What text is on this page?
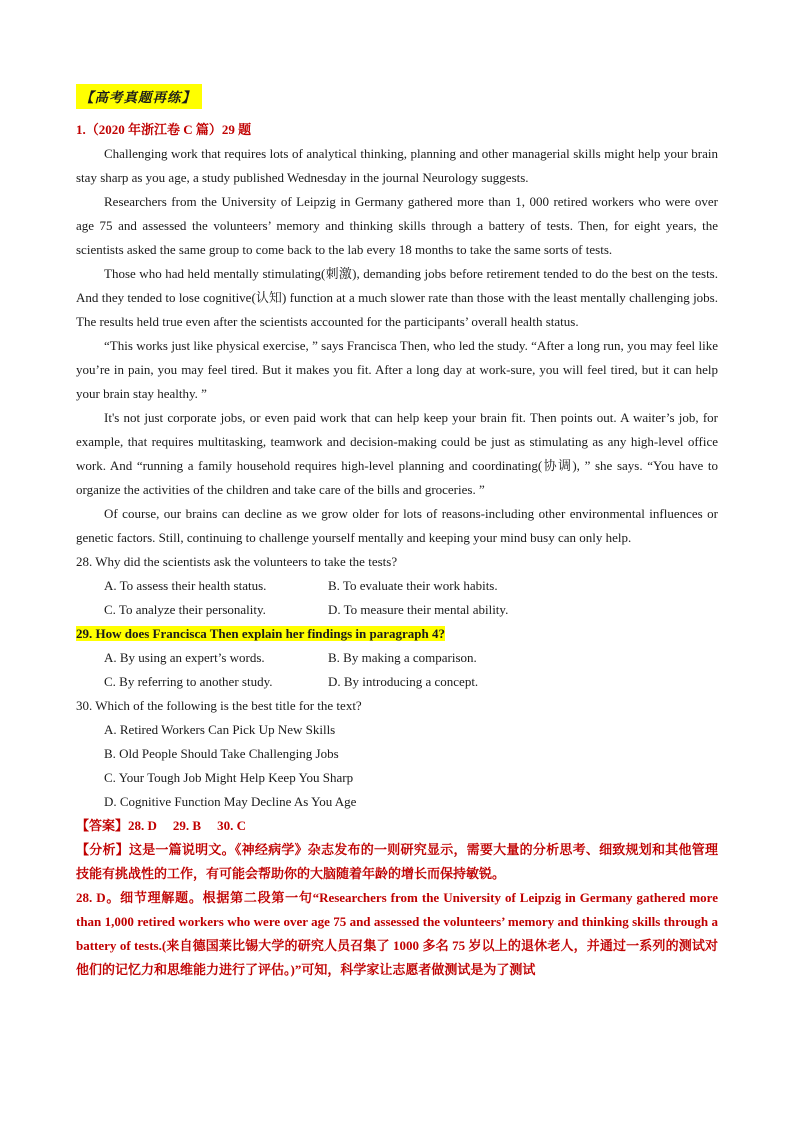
【高考真题再练】
1.（2020 年浙江卷 C 篇）29 题

Challenging work that requires lots of analytical thinking, planning and other managerial skills might help your brain stay sharp as you age, a study published Wednesday in the journal Neurology suggests.

Researchers from the University of Leipzig in Germany gathered more than 1, 000 retired workers who were over age 75 and assessed the volunteers’ memory and thinking skills through a battery of tests. Then, for eight years, the scientists asked the same group to come back to the lab every 18 months to take the same sorts of tests.

Those who had held mentally stimulating(刺激), demanding jobs before retirement tended to do the best on the tests. And they tended to lose cognitive(认知) function at a much slower rate than those with the least mentally challenging jobs. The results held true even after the scientists accounted for the participants’ overall health status.

“This works just like physical exercise, ” says Francisca Then, who led the study. “After a long run, you may feel like you’re in pain, you may feel tired. But it makes you fit. After a long day at work-sure, you will feel tired, but it can help your brain stay healthy. ”

It's not just corporate jobs, or even paid work that can help keep your brain fit. Then points out. A waiter’s job, for example, that requires multitasking, teamwork and decision-making could be just as stimulating as any high-level office work. And “running a family household requires high-level planning and coordinating(协调), ” she says. “You have to organize the activities of the children and take care of the bills and groceries. ”

Of course, our brains can decline as we grow older for lots of reasons-including other environmental influences or genetic factors. Still, continuing to challenge yourself mentally and keeping your mind busy can only help.

28. Why did the scientists ask the volunteers to take the tests?
A. To assess their health status.	B. To evaluate their work habits.
C. To analyze their personality.	D. To measure their mental ability.
29. How does Francisca Then explain her findings in paragraph 4?
A. By using an expert’s words.	B. By making a comparison.
C. By referring to another study.	D. By introducing a concept.
30. Which of the following is the best title for the text?
A. Retired Workers Can Pick Up New Skills
B. Old People Should Take Challenging Jobs
C. Your Tough Job Might Help Keep You Sharp
D. Cognitive Function May Decline As You Age
【答案】28. D 29. B 30. C

【分析】这是一篇说明文。《神经病学》杂志发布的一则研究显示，需要大量的分析思考、细致规划和其他管理技能有挑战性的工作，有可能会帮助你的大脑随着年龄的增长而保持敏锐。

28. D。细节理解题。根据第二段第一句“Researchers from the University of Leipzig in Germany gathered more than 1,000 retired workers who were over age 75 and assessed the volunteers’ memory and thinking skills through a battery of tests.(来自德国莱比锡大学的研究人员召集了 1000 多名 75 岁以上的退休老人，并通过一系列的测试对他们的记忆力和思维能力进行了评估。)”可知，科学家让志愿者做测试是为了测试
